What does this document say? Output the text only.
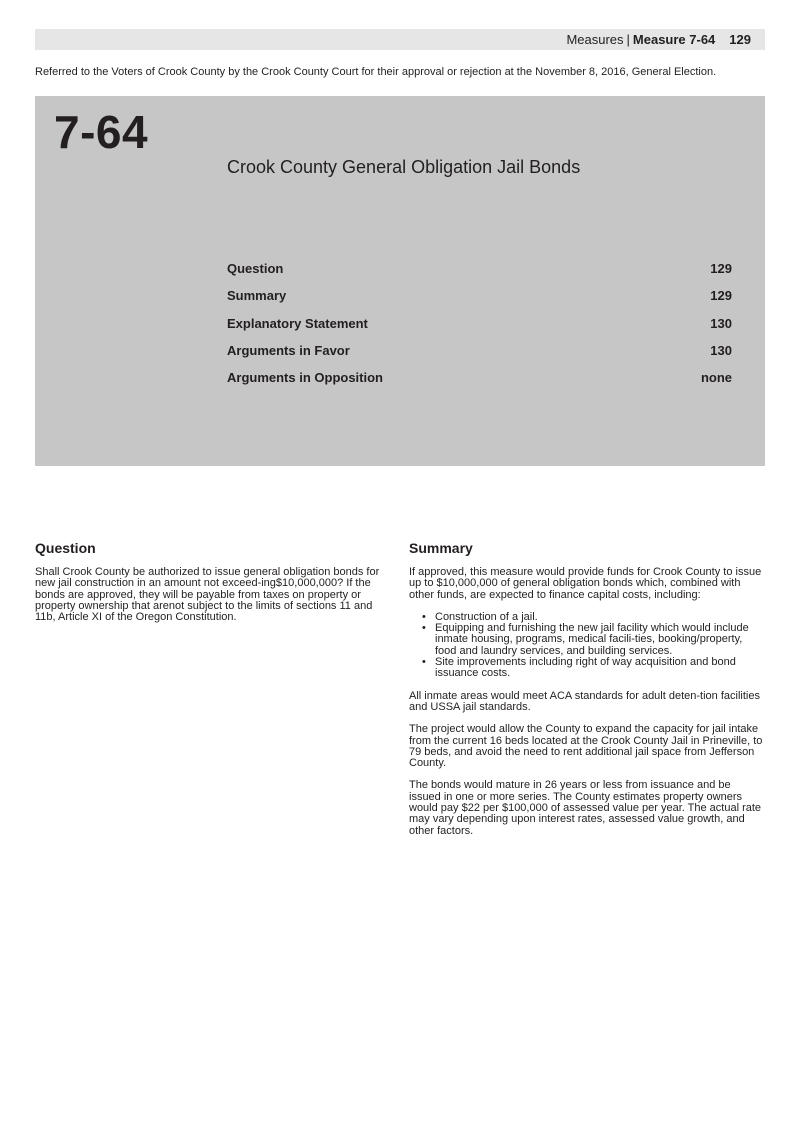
Measures | Measure 7-64 129
Referred to the Voters of Crook County by the Crook County Court for their approval or rejection at the November 8, 2016, General Election.
7-64
Crook County General Obligation Jail Bonds
Question	129
Summary	129
Explanatory Statement	130
Arguments in Favor	130
Arguments in Opposition	none
Question

Shall Crook County be authorized to issue general obligation bonds for new jail construction in an amount not exceed-ing$10,000,000? If the bonds are approved, they will be payable from taxes on property or property ownership that arenot subject to the limits of sections 11 and 11b, Article XI of the Oregon Constitution.

Summary

If approved, this measure would provide funds for Crook County to issue up to $10,000,000 of general obligation bonds which, combined with other funds, are expected to finance capital costs, including:

• Construction of a jail.
• Equipping and furnishing the new jail facility which would include inmate housing, programs, medical facili-ties, booking/property, food and laundry services, and building services.
• Site improvements including right of way acquisition and bond issuance costs.

All inmate areas would meet ACA standards for adult deten-tion facilities and USSA jail standards.

The project would allow the County to expand the capacity for jail intake from the current 16 beds located at the Crook County Jail in Prineville, to 79 beds, and avoid the need to rent additional jail space from Jefferson County.

The bonds would mature in 26 years or less from issuance and be issued in one or more series. The County estimates property owners would pay $22 per $100,000 of assessed value per year. The actual rate may vary depending upon interest rates, assessed value growth, and other factors.
